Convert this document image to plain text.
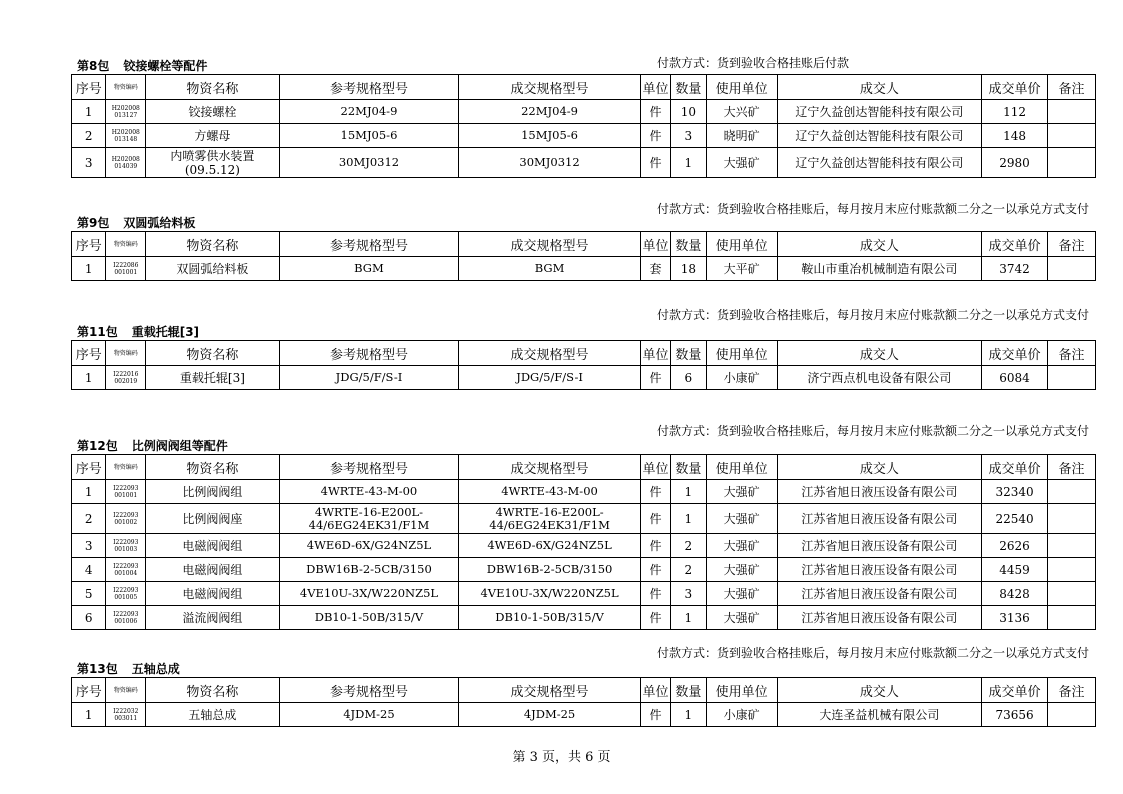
第8包 铰接螺栓等配件	付款方式：货到验收合格挂账后付款
序号	物资编码	物资名称	参考规格型号	成交规格型号	单位	数量	使用单位	成交人	成交单价	备注
1	H202008 013127	铰接螺栓	22MJ04-9	22MJ04-9	件	10	大兴矿	辽宁久益创达智能科技有限公司	112	
2	H202008 013148	方螺母	15MJ05-6	15MJ05-6	件	3	晓明矿	辽宁久益创达智能科技有限公司	148	
3	H202008 014039	内喷雾供水装置(09.5.12)	30MJ0312	30MJ0312	件	1	大强矿	辽宁久益创达智能科技有限公司	2980	
第9包 双圆弧给料板
付款方式：货到验收合格挂账后，每月按月末应付账款额二分之一以承兑方式支付
序号	物资编码	物资名称	参考规格型号	成交规格型号	单位	数量	使用单位	成交人	成交单价	备注
1	I222086 001001	双圆弧给料板	BGM	BGM	套	18	大平矿	鞍山市重冶机械制造有限公司	3742	
第11包 重载托辊[3]
付款方式：货到验收合格挂账后，每月按月末应付账款额二分之一以承兑方式支付
序号	物资编码	物资名称	参考规格型号	成交规格型号	单位	数量	使用单位	成交人	成交单价	备注
1	I222016 002019	重载托辊[3]	JDG/5/F/S-I	JDG/5/F/S-I	件	6	小康矿	济宁西点机电设备有限公司	6084	
第12包 比例阀阀组等配件
付款方式：货到验收合格挂账后，每月按月末应付账款额二分之一以承兑方式支付
序号	物资编码	物资名称	参考规格型号	成交规格型号	单位	数量	使用单位	成交人	成交单价	备注
1	I222093 001001	比例阀阀组	4WRTE-43-M-00	4WRTE-43-M-00	件	1	大强矿	江苏省旭日液压设备有限公司	32340	
2	I222093 001002	比例阀阀座	4WRTE-16-E200L-44/6EG24EK31/F1M	4WRTE-16-E200L-44/6EG24EK31/F1M	件	1	大强矿	江苏省旭日液压设备有限公司	22540	
3	I222093 001003	电磁阀阀组	4WE6D-6X/G24NZ5L	4WE6D-6X/G24NZ5L	件	2	大强矿	江苏省旭日液压设备有限公司	2626	
4	I222093 001004	电磁阀阀组	DBW16B-2-5CB/3150	DBW16B-2-5CB/3150	件	2	大强矿	江苏省旭日液压设备有限公司	4459	
5	I222093 001005	电磁阀阀组	4VE10U-3X/W220NZ5L	4VE10U-3X/W220NZ5L	件	3	大强矿	江苏省旭日液压设备有限公司	8428	
6	I222093 001006	溢流阀阀组	DB10-1-50B/315/V	DB10-1-50B/315/V	件	1	大强矿	江苏省旭日液压设备有限公司	3136	
第13包 五轴总成
付款方式：货到验收合格挂账后，每月按月末应付账款额二分之一以承兑方式支付
序号	物资编码	物资名称	参考规格型号	成交规格型号	单位	数量	使用单位	成交人	成交单价	备注
1	I222032 003011	五轴总成	4JDM-25	4JDM-25	件	1	小康矿	大连圣益机械有限公司	73656	
第 3 页，共 6 页
